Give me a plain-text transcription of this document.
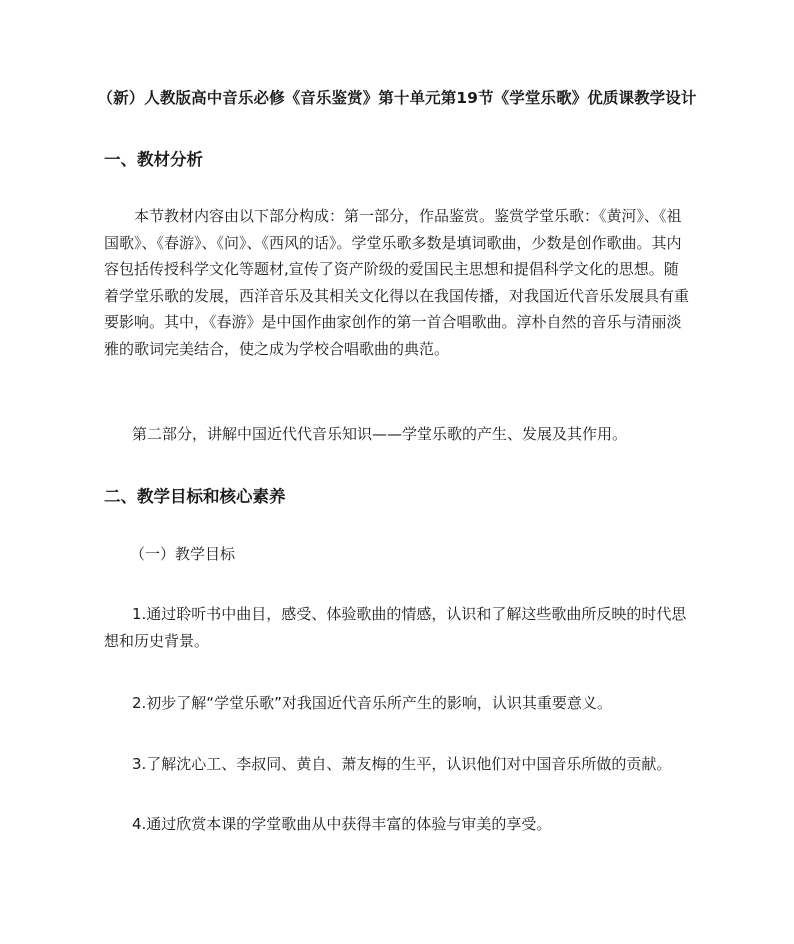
（新）人教版高中音乐必修《音乐鉴赏》第十单元第19节《学堂乐歌》优质课教学设计
一、教材分析
本节教材内容由以下部分构成：第一部分，作品鉴赏。鉴赏学堂乐歌：《黄河》、《祖国歌》、《春游》、《问》、《西风的话》。学堂乐歌多数是填词歌曲，少数是创作歌曲。其内容包括传授科学文化等题材,宣传了资产阶级的爱国民主思想和提倡科学文化的思想。随着学堂乐歌的发展，西洋音乐及其相关文化得以在我国传播，对我国近代音乐发展具有重要影响。其中，《春游》是中国作曲家创作的第一首合唱歌曲。淳朴自然的音乐与清丽淡雅的歌词完美结合，使之成为学校合唱歌曲的典范。
第二部分，讲解中国近代代音乐知识——学堂乐歌的产生、发展及其作用。
二、教学目标和核心素养
（一）教学目标
1.通过聆听书中曲目，感受、体验歌曲的情感，认识和了解这些歌曲所反映的时代思想和历史背景。
2.初步了解“学堂乐歌”对我国近代音乐所产生的影响，认识其重要意义。
3.了解沈心工、李叔同、黄自、萧友梅的生平，认识他们对中国音乐所做的贡献。
4.通过欣赏本课的学堂歌曲从中获得丰富的体验与审美的享受。
